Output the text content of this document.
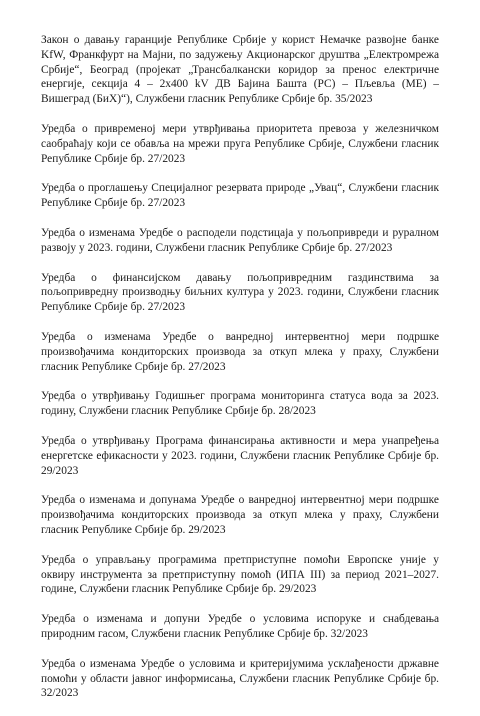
Закон о давању гаранције Републике Србије у корист Немачке развојне банке KfW, Франкфурт на Мајни, по задужењу Акционарског друштва „Електромрежа Србије“, Београд (пројекат „Трансбалкански коридор за пренос електричне енергије, секција 4 – 2x400 kV ДВ Бајина Башта (РС) – Пљевља (МЕ) – Вишеград (БиХ)“), Службени гласник Републике Србије бр. 35/2023

Уредба о привременој мери утврђивања приоритета превоза у железничком саобраћају који се обавља на мрежи пруга Републике Србије, Службени гласник Републике Србије бр. 27/2023

Уредба о проглашењу Специјалног резервата природе „Увац“, Службени гласник Републике Србије бр. 27/2023

Уредба о изменама Уредбе о расподели подстицаја у пољопривреди и руралном развоју у 2023. години, Службени гласник Републике Србије бр. 27/2023

Уредба о финансијском давању пољопривредним газдинствима за пољопривредну производњу биљних култура у 2023. години, Службени гласник Републике Србије бр. 27/2023

Уредба о изменама Уредбе о ванредној интервентној мери подршке произвођачима кондиторских производа за откуп млека у праху, Службени гласник Републике Србије бр. 27/2023

Уредба о утврђивању Годишњег програма мониторинга статуса вода за 2023. годину, Службени гласник Републике Србије бр. 28/2023

Уредба о утврђивању Програма финансирања активности и мера унапређења енергетске ефикасности у 2023. години, Службени гласник Републике Србије бр. 29/2023

Уредба о изменама и допунама Уредбе о ванредној интервентној мери подршке произвођачима кондиторских производа за откуп млека у праху, Службени гласник Републике Србије бр. 29/2023

Уредба о управљању програмима претприступне помоћи Европске уније у оквиру инструмента за претприступну помоћ (ИПА III) за период 2021–2027. године, Службени гласник Републике Србије бр. 29/2023

Уредба о изменама и допуни Уредбе о условима испоруке и снабдевања природним гасом, Службени гласник Републике Србије бр. 32/2023

Уредба о изменама Уредбе о условима и критеријумима усклађености државне помоћи у области јавног информисања, Службени гласник Републике Србије бр. 32/2023
